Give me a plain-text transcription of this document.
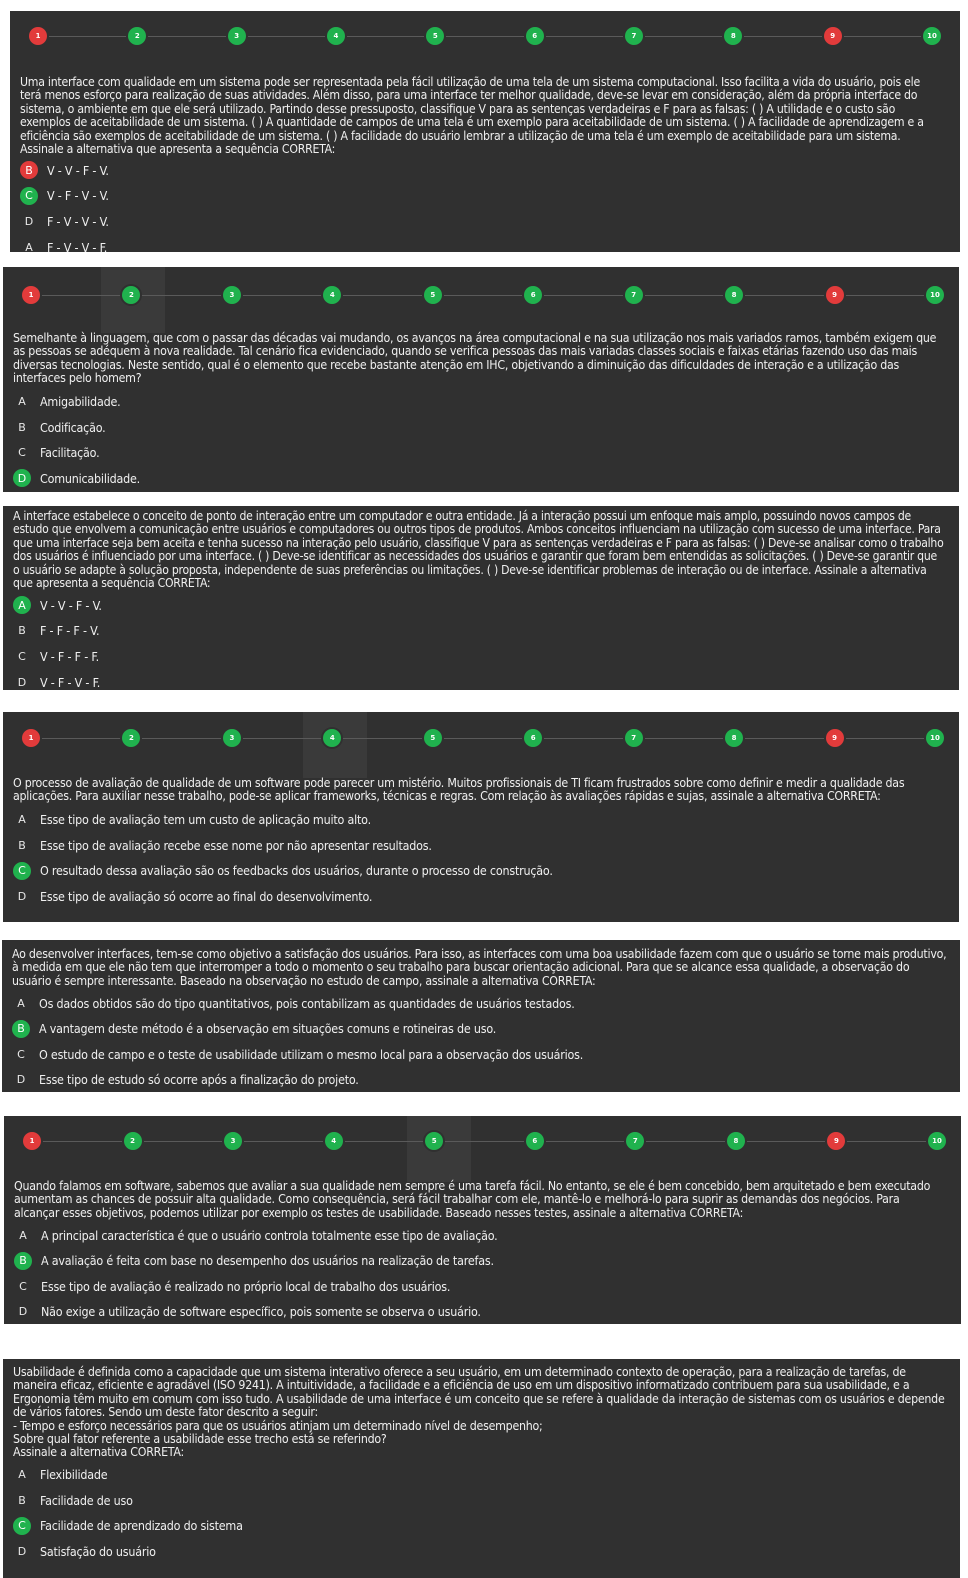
1	2	3	4	5	6	7	8	9	10

Uma interface com qualidade em um sistema pode ser representada pela fácil utilização de uma tela de um sistema computacional. Isso facilita a vida do usuário, pois ele terá menos esforço para realização de suas atividades. Além disso, para uma interface ter melhor qualidade, deve-se levar em consideração, além da própria interface do sistema, o ambiente em que ele será utilizado. Partindo desse pressuposto, classifique V para as sentenças verdadeiras e F para as falsas: ( ) A utilidade e o custo são exemplos de aceitabilidade de um sistema. ( ) A quantidade de campos de uma tela é um exemplo para aceitabilidade de um sistema. ( ) A facilidade de aprendizagem e a eficiência são exemplos de aceitabilidade de um sistema. ( ) A facilidade do usuário lembrar a utilização de uma tela é um exemplo de aceitabilidade para um sistema. Assinale a alternativa que apresenta a sequência CORRETA:

B	V - V - F - V.
C	V - F - V - V.
D	F - V - V - V.
A	F - V - V - F.
1	2	3	4	5	6	7	8	9	10

Semelhante à linguagem, que com o passar das décadas vai mudando, os avanços na área computacional e na sua utilização nos mais variados ramos, também exigem que as pessoas se adéquem à nova realidade. Tal cenário fica evidenciado, quando se verifica pessoas das mais variadas classes sociais e faixas etárias fazendo uso das mais diversas tecnologias. Neste sentido, qual é o elemento que recebe bastante atenção em IHC, objetivando a diminuição das dificuldades de interação e a utilização das interfaces pelo homem?

A	Amigabilidade.
B	Codificação.
C	Facilitação.
D	Comunicabilidade.

A interface estabelece o conceito de ponto de interação entre um computador e outra entidade. Já a interação possui um enfoque mais amplo, possuindo novos campos de estudo que envolvem a comunicação entre usuários e computadores ou outros tipos de produtos. Ambos conceitos influenciam na utilização com sucesso de uma interface. Para que uma interface seja bem aceita e tenha sucesso na interação pelo usuário, classifique V para as sentenças verdadeiras e F para as falsas: ( ) Deve-se analisar como o trabalho dos usuários é influenciado por uma interface. ( ) Deve-se identificar as necessidades dos usuários e garantir que foram bem entendidas as solicitações. ( ) Deve-se garantir que o usuário se adapte à solução proposta, independente de suas preferências ou limitações. ( ) Deve-se identificar problemas de interação ou de interface. Assinale a alternativa que apresenta a sequência CORRETA:

A	V - V - F - V.
B	F - F - F - V.
C	V - F - F - F.
D	V - F - V - F.
1	2	3	4	5	6	7	8	9	10

O processo de avaliação de qualidade de um software pode parecer um mistério. Muitos profissionais de TI ficam frustrados sobre como definir e medir a qualidade das aplicações. Para auxiliar nesse trabalho, pode-se aplicar frameworks, técnicas e regras. Com relação às avaliações rápidas e sujas, assinale a alternativa CORRETA:

A	Esse tipo de avaliação tem um custo de aplicação muito alto.
B	Esse tipo de avaliação recebe esse nome por não apresentar resultados.
C	O resultado dessa avaliação são os feedbacks dos usuários, durante o processo de construção.
D	Esse tipo de avaliação só ocorre ao final do desenvolvimento.

Ao desenvolver interfaces, tem-se como objetivo a satisfação dos usuários. Para isso, as interfaces com uma boa usabilidade fazem com que o usuário se torne mais produtivo, à medida em que ele não tem que interromper a todo o momento o seu trabalho para buscar orientação adicional. Para que se alcance essa qualidade, a observação do usuário é sempre interessante. Baseado na observação no estudo de campo, assinale a alternativa CORRETA:

A	Os dados obtidos são do tipo quantitativos, pois contabilizam as quantidades de usuários testados.
B	A vantagem deste método é a observação em situações comuns e rotineiras de uso.
C	O estudo de campo e o teste de usabilidade utilizam o mesmo local para a observação dos usuários.
D	Esse tipo de estudo só ocorre após a finalização do projeto.
1	2	3	4	5	6	7	8	9	10

Quando falamos em software, sabemos que avaliar a sua qualidade nem sempre é uma tarefa fácil. No entanto, se ele é bem concebido, bem arquitetado e bem executado aumentam as chances de possuir alta qualidade. Como consequência, será fácil trabalhar com ele, mantê-lo e melhorá-lo para suprir as demandas dos negócios. Para alcançar esses objetivos, podemos utilizar por exemplo os testes de usabilidade. Baseado nesses testes, assinale a alternativa CORRETA:

A	A principal característica é que o usuário controla totalmente esse tipo de avaliação.
B	A avaliação é feita com base no desempenho dos usuários na realização de tarefas.
C	Esse tipo de avaliação é realizado no próprio local de trabalho dos usuários.
D	Não exige a utilização de software específico, pois somente se observa o usuário.

Usabilidade é definida como a capacidade que um sistema interativo oferece a seu usuário, em um determinado contexto de operação, para a realização de tarefas, de maneira eficaz, eficiente e agradável (ISO 9241). A intuitividade, a facilidade e a eficiência de uso em um dispositivo informatizado contribuem para sua usabilidade, e a Ergonomia têm muito em comum com isso tudo. A usabilidade de uma interface é um conceito que se refere à qualidade da interação de sistemas com os usuários e depende de vários fatores. Sendo um deste fator descrito a seguir:
- Tempo e esforço necessários para que os usuários atinjam um determinado nível de desempenho;
Sobre qual fator referente a usabilidade esse trecho está se referindo?
Assinale a alternativa CORRETA:

A	Flexibilidade
B	Facilidade de uso
C	Facilidade de aprendizado do sistema
D	Satisfação do usuário
